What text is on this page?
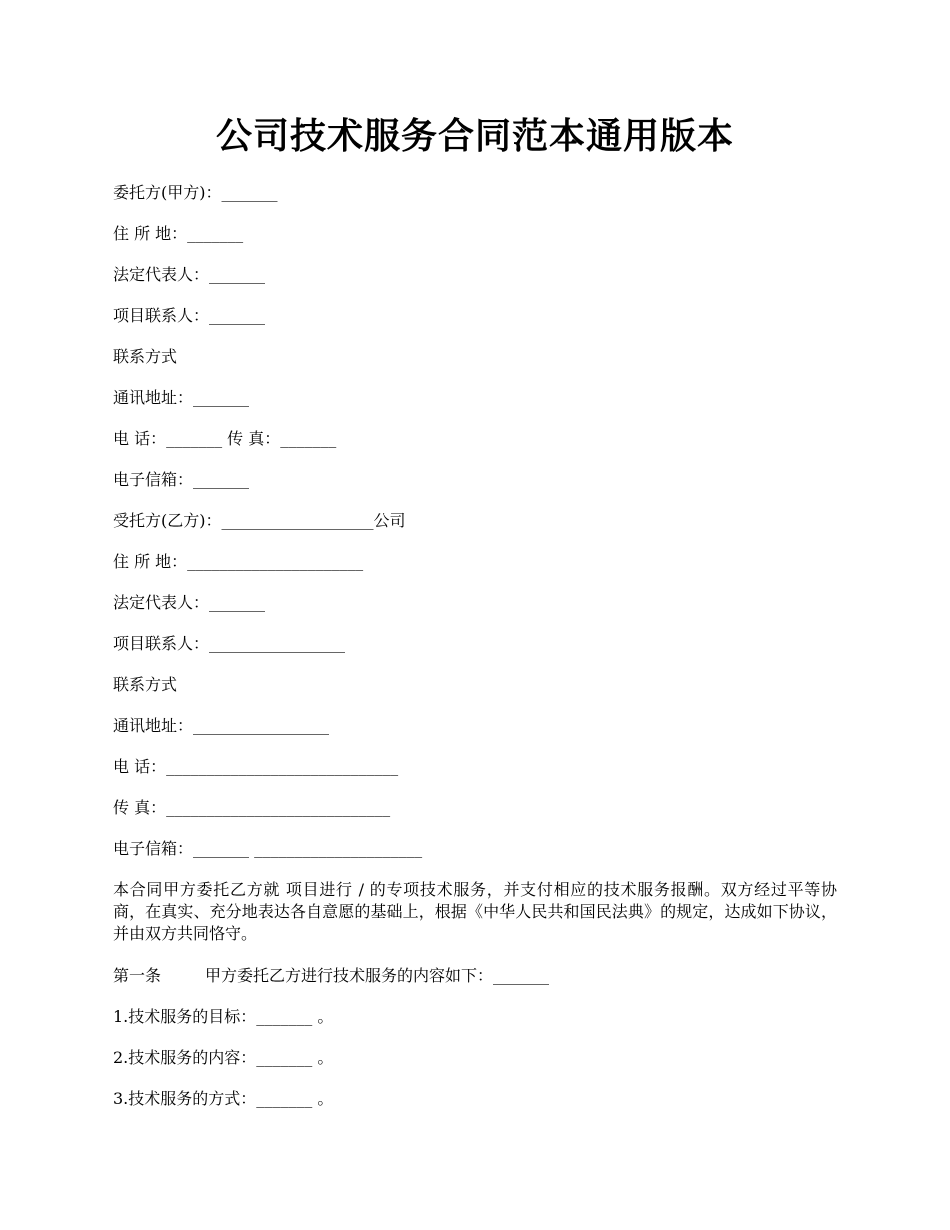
公司技术服务合同范本通用版本
委托方(甲方)：_______
住 所 地：_______
法定代表人：_______
项目联系人：_______
联系方式
通讯地址：_______
电 话：_______ 传 真：_______
电子信箱：_______
受托方(乙方)：___________________公司
住 所 地：______________________
法定代表人：_______
项目联系人：_________________
联系方式
通讯地址：_________________
电 话：_____________________________
传 真：____________________________
电子信箱：_______ _____________________
本合同甲方委托乙方就 项目进行 / 的专项技术服务，并支付相应的技术服务报酬。双方经过平等协商，在真实、充分地表达各自意愿的基础上，根据《中华人民共和国民法典》的规定，达成如下协议，并由双方共同恪守。
第一条	甲方委托乙方进行技术服务的内容如下：_______
1.技术服务的目标：_______ 。
2.技术服务的内容：_______ 。
3.技术服务的方式：_______ 。
